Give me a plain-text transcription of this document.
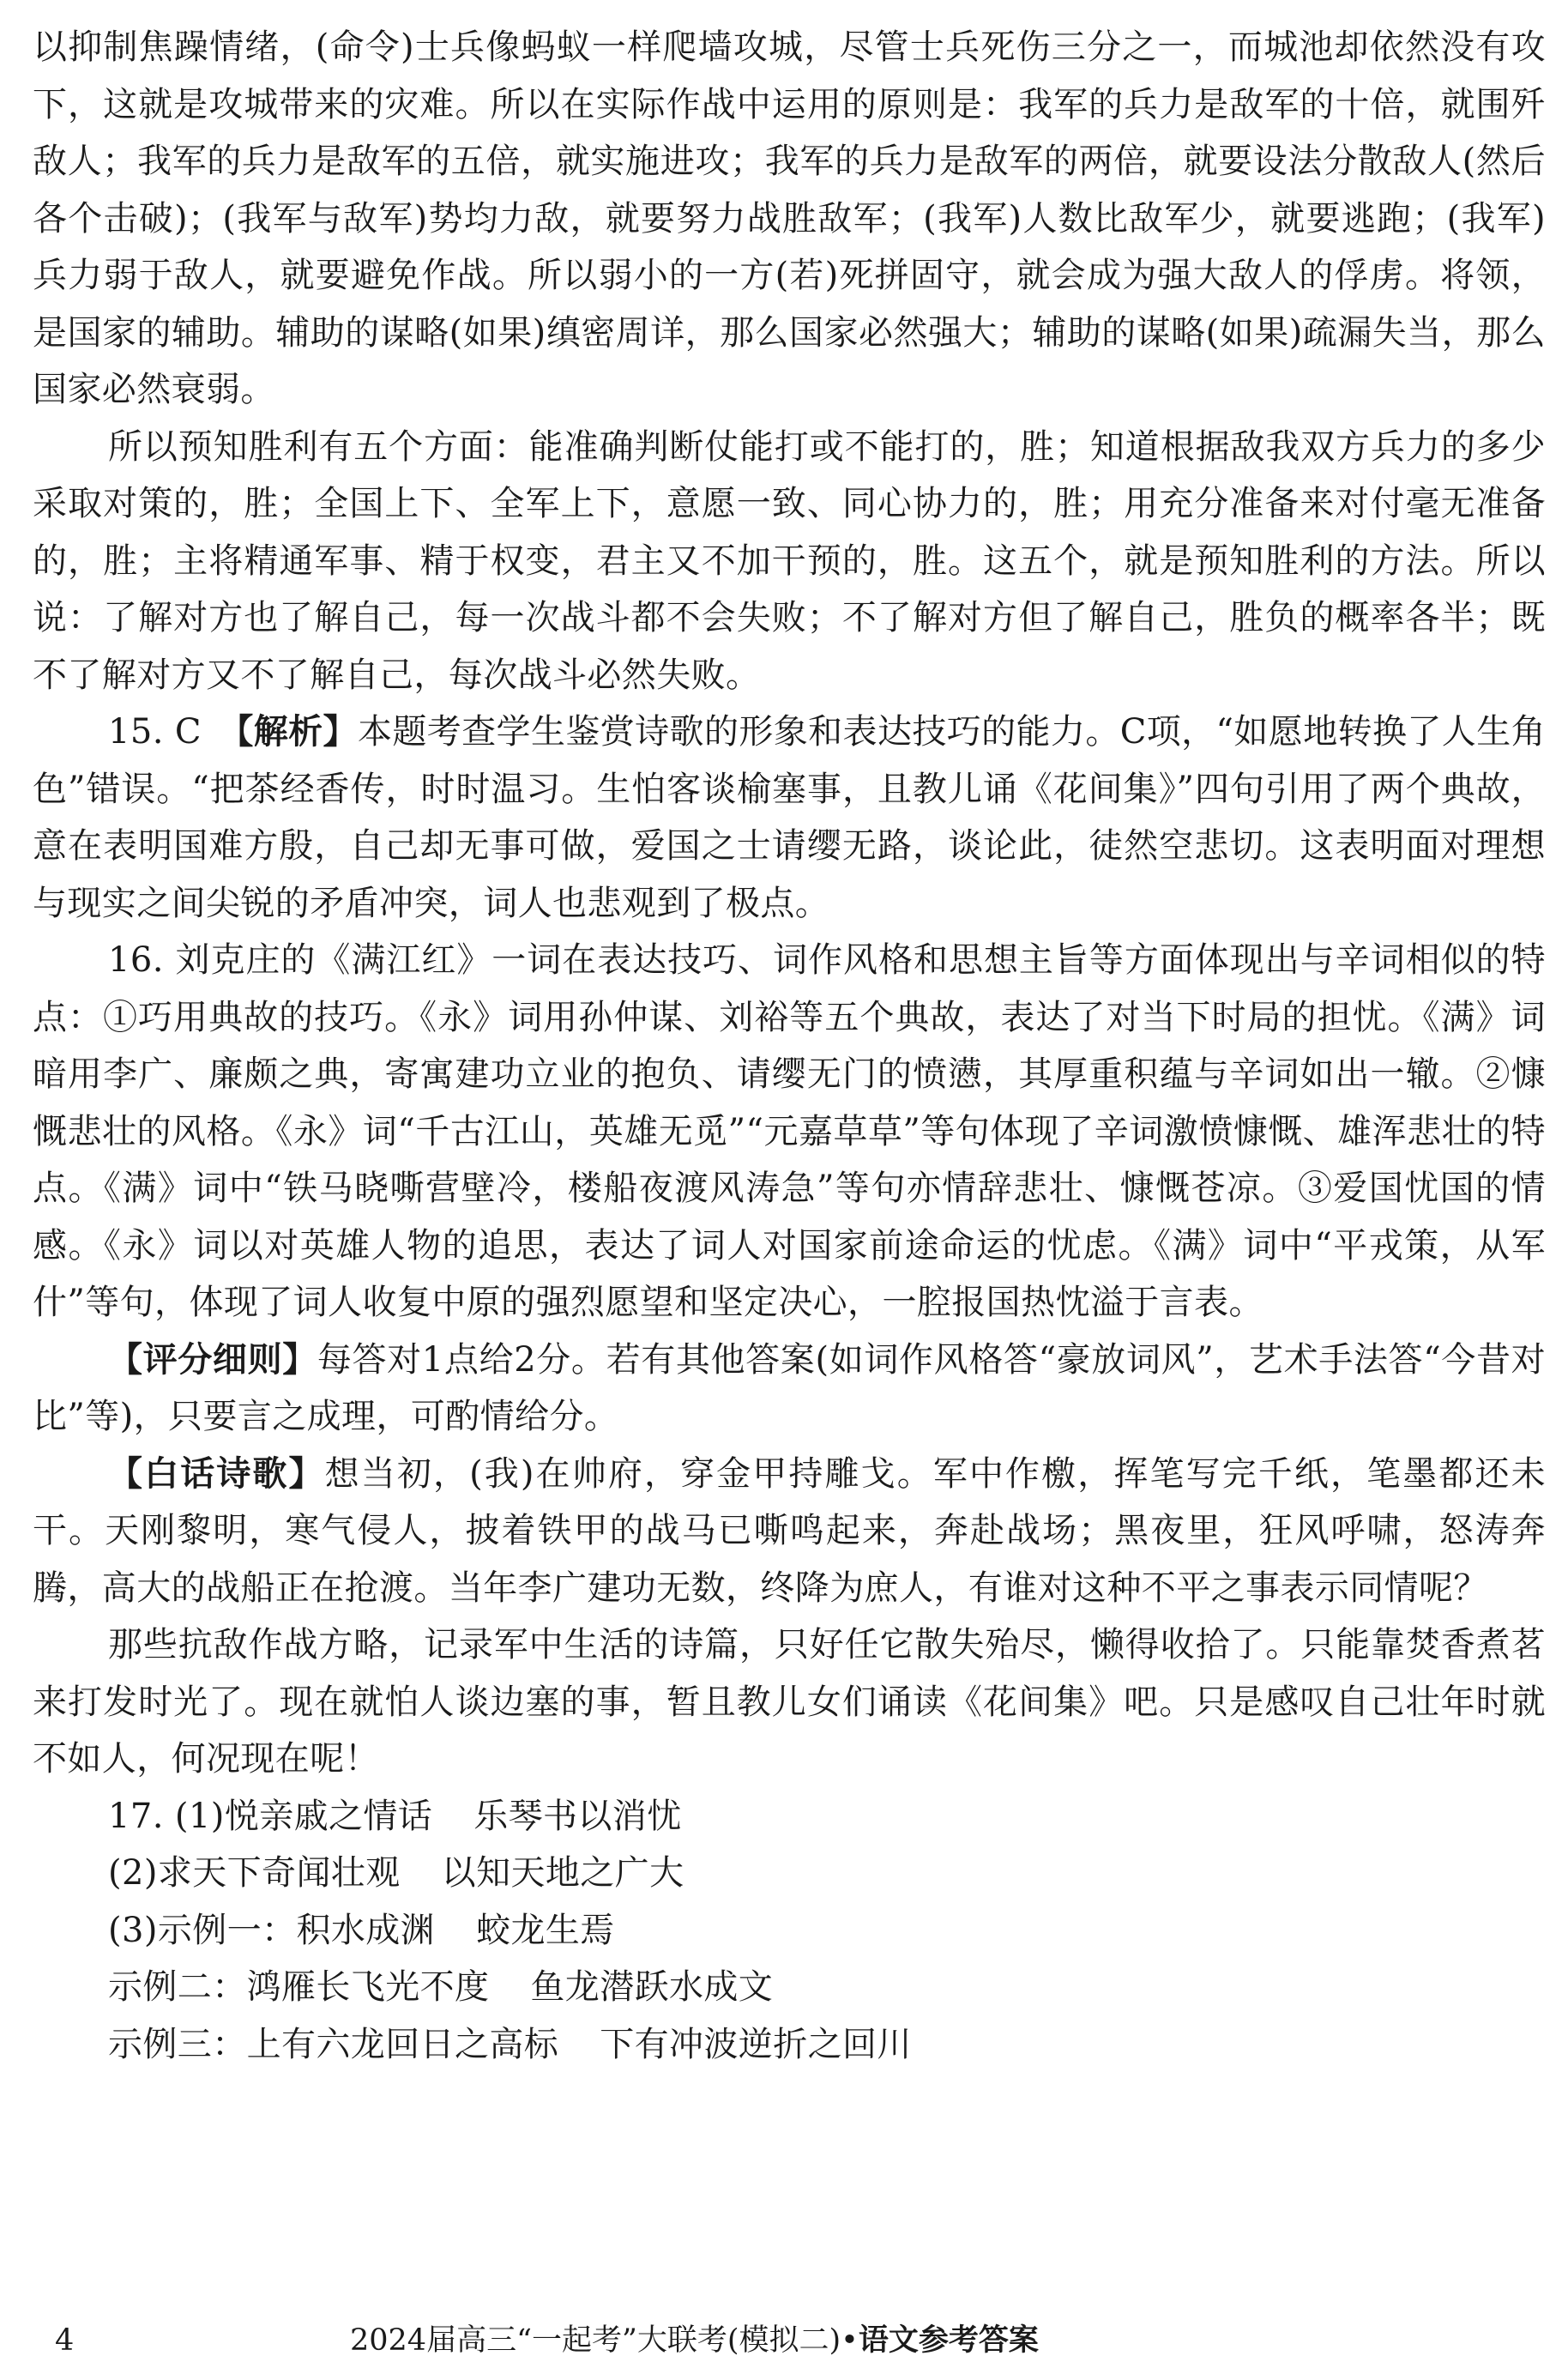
以抑制焦躁情绪，(命令)士兵像蚂蚁一样爬墙攻城，尽管士兵死伤三分之一，而城池却依然没有攻下，这就是攻城带来的灾难。所以在实际作战中运用的原则是：我军的兵力是敌军的十倍，就围歼敌人；我军的兵力是敌军的五倍，就实施进攻；我军的兵力是敌军的两倍，就要设法分散敌人(然后各个击破)；(我军与敌军)势均力敌，就要努力战胜敌军；(我军)人数比敌军少，就要逃跑；(我军)兵力弱于敌人，就要避免作战。所以弱小的一方(若)死拼固守，就会成为强大敌人的俘虏。将领，是国家的辅助。辅助的谋略(如果)缜密周详，那么国家必然强大；辅助的谋略(如果)疏漏失当，那么国家必然衰弱。

所以预知胜利有五个方面：能准确判断仗能打或不能打的，胜；知道根据敌我双方兵力的多少采取对策的，胜；全国上下、全军上下，意愿一致、同心协力的，胜；用充分准备来对付毫无准备的，胜；主将精通军事、精于权变，君主又不加干预的，胜。这五个，就是预知胜利的方法。所以说：了解对方也了解自己，每一次战斗都不会失败；不了解对方但了解自己，胜负的概率各半；既不了解对方又不了解自己，每次战斗必然失败。

15. C　【解析】本题考查学生鉴赏诗歌的形象和表达技巧的能力。C项，“如愿地转换了人生角色”错误。“把茶经香传，时时温习。生怕客谈榆塞事，且教儿诵《花间集》”四句引用了两个典故，意在表明国难方殷，自己却无事可做，爱国之士请缨无路，谈论此，徒然空悲切。这表明面对理想与现实之间尖锐的矛盾冲突，词人也悲观到了极点。

16. 刘克庄的《满江红》一词在表达技巧、词作风格和思想主旨等方面体现出与辛词相似的特点：①巧用典故的技巧。《永》词用孙仲谋、刘裕等五个典故，表达了对当下时局的担忧。《满》词暗用李广、廉颇之典，寄寓建功立业的抱负、请缨无门的愤懑，其厚重积蕴与辛词如出一辙。②慷慨悲壮的风格。《永》词“千古江山，英雄无觅”“元嘉草草”等句体现了辛词激愤慷慨、雄浑悲壮的特点。《满》词中“铁马晓嘶营壁冷，楼船夜渡风涛急”等句亦情辞悲壮、慷慨苍凉。③爱国忧国的情感。《永》词以对英雄人物的追思，表达了词人对国家前途命运的忧虑。《满》词中“平戎策，从军什”等句，体现了词人收复中原的强烈愿望和坚定决心，一腔报国热忱溢于言表。

【评分细则】每答对1点给2分。若有其他答案(如词作风格答“豪放词风”，艺术手法答“今昔对比”等)，只要言之成理，可酌情给分。

【白话诗歌】想当初，(我)在帅府，穿金甲持雕戈。军中作檄，挥笔写完千纸，笔墨都还未干。天刚黎明，寒气侵人，披着铁甲的战马已嘶鸣起来，奔赴战场；黑夜里，狂风呼啸，怒涛奔腾，高大的战船正在抢渡。当年李广建功无数，终降为庶人，有谁对这种不平之事表示同情呢？

那些抗敌作战方略，记录军中生活的诗篇，只好任它散失殆尽，懒得收拾了。只能靠焚香煮茗来打发时光了。现在就怕人谈边塞的事，暂且教儿女们诵读《花间集》吧。只是感叹自己壮年时就不如人，何况现在呢！

17. (1)悦亲戚之情话 乐琴书以消忧

(2)求天下奇闻壮观 以知天地之广大

(3)示例一：积水成渊 蛟龙生焉

示例二：鸿雁长飞光不度 鱼龙潜跃水成文

示例三：上有六龙回日之高标 下有冲波逆折之回川

4	2024届高三“一起考”大联考(模拟二)•语文参考答案
